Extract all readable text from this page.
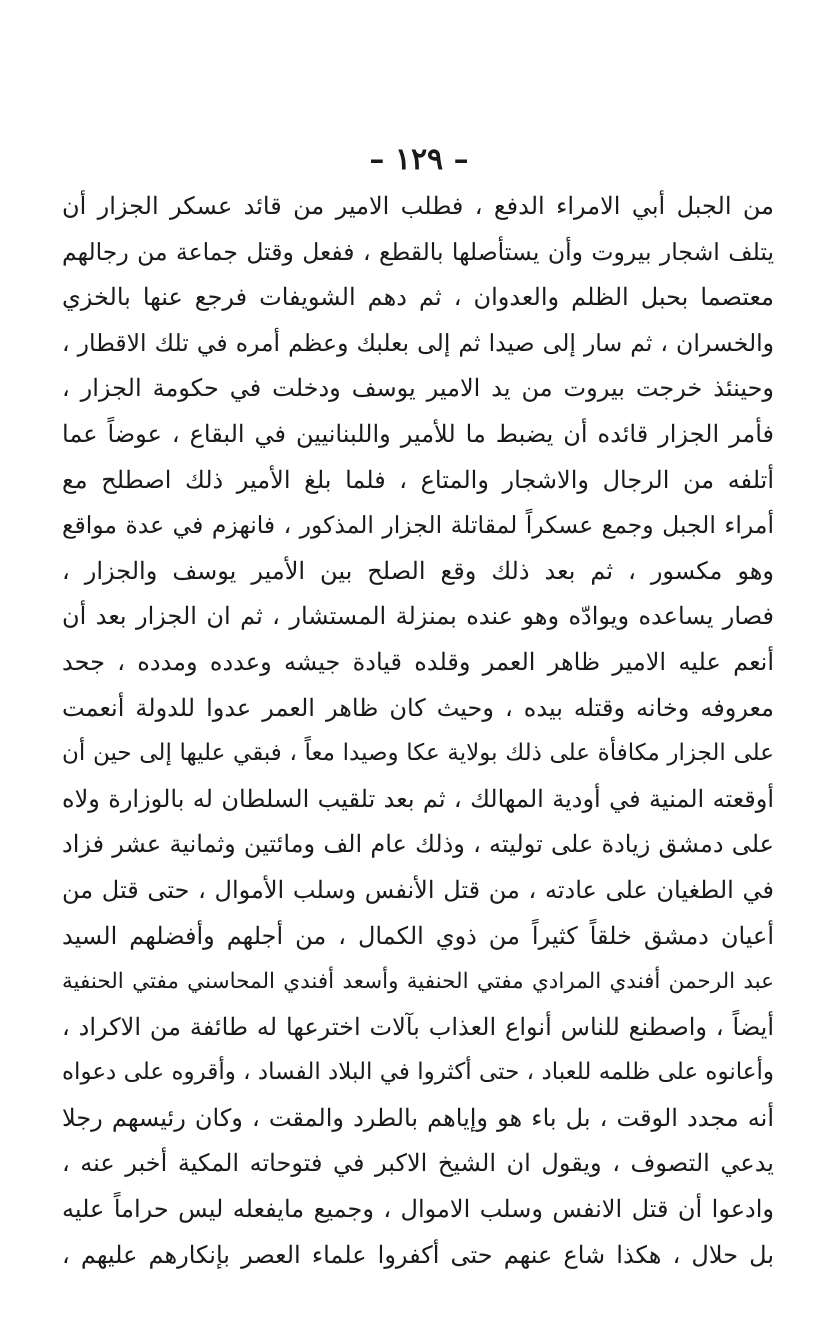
– ١٢٩ –
من الجبل أبي الامراء الدفع ، فطلب الامير من قائد عسكر الجزار أن
يتلف اشجار بيروت وأن يستأصلها بالقطع ، ففعل وقتل جماعة من رجالهم
معتصما بحبل الظلم والعدوان ، ثم دهم الشويفات فرجع عنها بالخزي
والخسران ، ثم سار إلى صيدا ثم إلى بعلبك وعظم أمره في تلك الاقطار ،
وحينئذ خرجت بيروت من يد الامير يوسف ودخلت في حكومة الجزار ،
فأمر الجزار قائده أن يضبط ما للأمير واللبنانيين في البقاع ، عوضاً عما
أتلفه من الرجال والاشجار والمتاع ، فلما بلغ الأمير ذلك اصطلح مع
أمراء الجبل وجمع عسكراً لمقاتلة الجزار المذكور ، فانهزم في عدة مواقع
وهو مكسور ، ثم بعد ذلك وقع الصلح بين الأمير يوسف والجزار ،
فصار يساعده ويوادّه وهو عنده بمنزلة المستشار ، ثم ان الجزار بعد أن
أنعم عليه الامير ظاهر العمر وقلده قيادة جيشه وعدده ومدده ، جحد
معروفه وخانه وقتله بيده ، وحيث كان ظاهر العمر عدوا للدولة أنعمت
على الجزار مكافأة على ذلك بولاية عكا وصيدا معاً ، فبقي عليها إلى حين أن
أوقعته المنية في أودية المهالك ، ثم بعد تلقيب السلطان له بالوزارة ولاه
على دمشق زيادة على توليته ، وذلك عام الف ومائتين وثمانية عشر فزاد
في الطغيان على عادته ، من قتل الأنفس وسلب الأموال ، حتى قتل من
أعيان دمشق خلقاً كثيراً من ذوي الكمال ، من أجلهم وأفضلهم السيد
عبد الرحمن أفندي المرادي مفتي الحنفية وأسعد أفندي المحاسني مفتي الحنفية
أيضاً ، واصطنع للناس أنواع العذاب بآلات اخترعها له طائفة من الاكراد ،
وأعانوه على ظلمه للعباد ، حتى أكثروا في البلاد الفساد ، وأقروه على دعواه
أنه مجدد الوقت ، بل باء هو وإياهم بالطرد والمقت ، وكان رئيسهم رجلا
يدعي التصوف ، ويقول ان الشيخ الاكبر في فتوحاته المكية أخبر عنه ،
وادعوا أن قتل الانفس وسلب الاموال ، وجميع مايفعله ليس حراماً عليه
بل حلال ، هكذا شاع عنهم حتى أكفروا علماء العصر بإنكارهم عليهم ،
